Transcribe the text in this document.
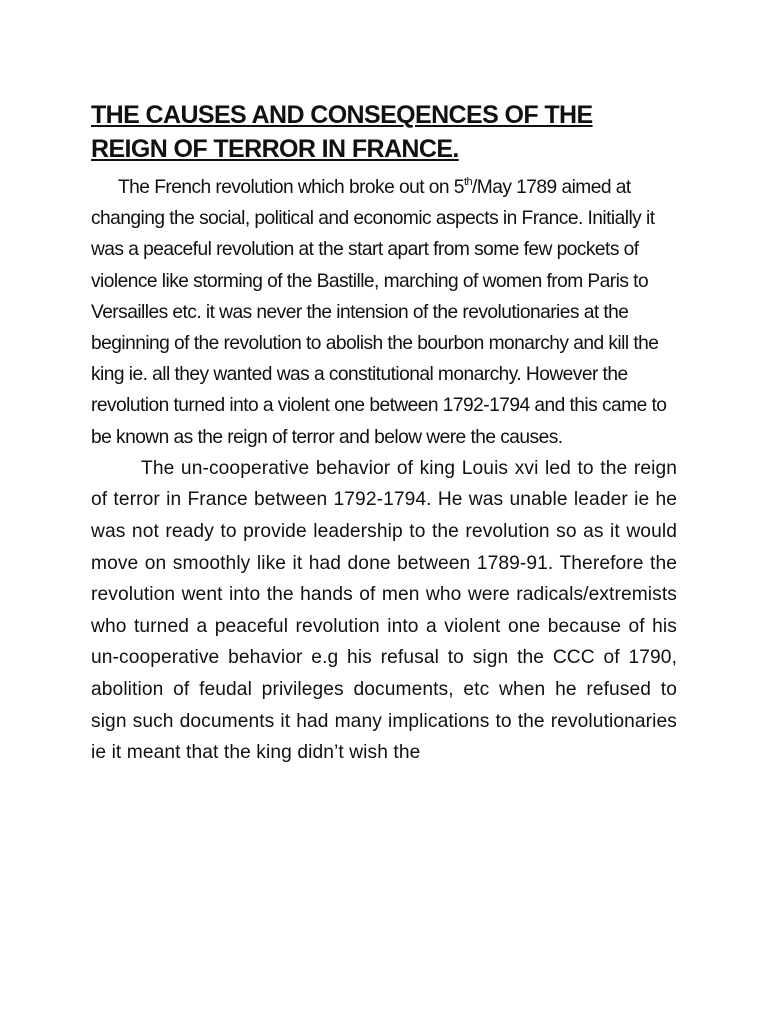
THE CAUSES AND CONSEQENCES OF THE
REIGN OF TERROR IN FRANCE.

The French revolution which broke out on 5th/May 1789 aimed at changing the social, political and economic aspects in France. Initially it was a peaceful revolution at the start apart from some few pockets of violence like storming of the Bastille, marching of women from Paris to Versailles etc. it was never the intension of the revolutionaries at the beginning of the revolution to abolish the bourbon monarchy and kill the king ie. all they wanted was a constitutional monarchy. However the revolution turned into a violent one between 1792-1794 and this came to be known as the reign of terror and below were the causes.

The un-cooperative behavior of king Louis xvi led to the reign of terror in France between 1792-1794. He was unable leader ie he was not ready to provide leadership to the revolution so as it would move on smoothly like it had done between 1789-91. Therefore the revolution went into the hands of men who were radicals/extremists who turned a peaceful revolution into a violent one because of his un-cooperative behavior e.g his refusal to sign the CCC of 1790, abolition of feudal privileges documents, etc when he refused to sign such documents it had many implications to the revolutionaries ie it meant that the king didn’t wish the
